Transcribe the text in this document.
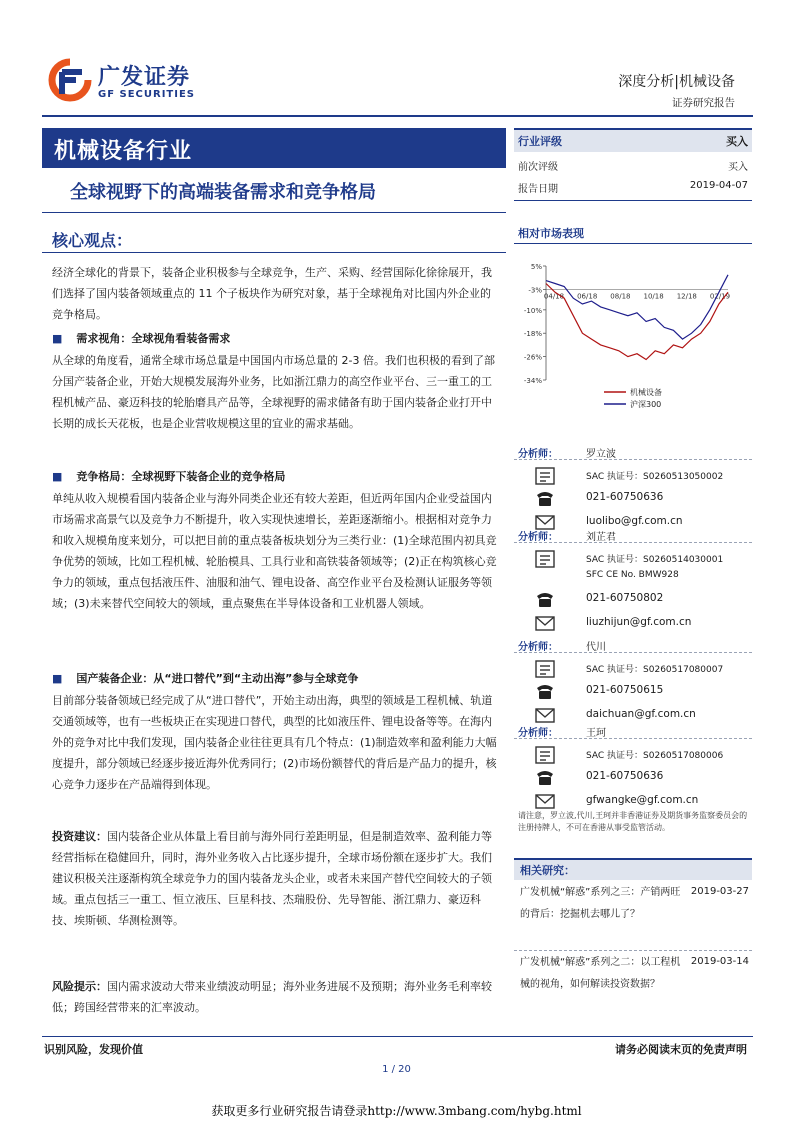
广发证券
GF SECURITIES
深度分析|机械设备
证券研究报告
机械设备行业
全球视野下的高端装备需求和竞争格局
行业评级	买入
前次评级	买入
报告日期	2019-04-07
核心观点：
经济全球化的背景下，装备企业积极参与全球竞争，生产、采购、经营国际化徐徐展开，我们选择了国内装备领域重点的 11 个子板块作为研究对象，基于全球视角对比国内外企业的竞争格局。
■ 需求视角：全球视角看装备需求
从全球的角度看，通常全球市场总量是中国国内市场总量的 2-3 倍。我们也积极的看到了部分国产装备企业，开始大规模发展海外业务，比如浙江鼎力的高空作业平台、三一重工的工程机械产品、豪迈科技的轮胎磨具产品等，全球视野的需求储备有助于国内装备企业打开中长期的成长天花板，也是企业营收规模这里的宜业的需求基础。
■ 竞争格局：全球视野下装备企业的竞争格局
单纯从收入规模看国内装备企业与海外同类企业还有较大差距，但近两年国内企业受益国内市场需求高景气以及竞争力不断提升，收入实现快速增长，差距逐渐缩小。根据相对竞争力和收入规模角度来划分，可以把目前的重点装备板块划分为三类行业：(1)全球范围内初具竞争优势的领域，比如工程机械、轮胎模具、工具行业和高铁装备领域等；(2)正在构筑核心竞争力的领域，重点包括液压件、油服和油气、锂电设备、高空作业平台及检测认证服务等领域；(3)未来替代空间较大的领域，重点聚焦在半导体设备和工业机器人领域。
■ 国产装备企业：从“进口替代”到“主动出海”参与全球竞争
目前部分装备领域已经完成了从“进口替代”，开始主动出海，典型的领域是工程机械、轨道交通领域等，也有一些板块正在实现进口替代，典型的比如液压件、锂电设备等等。在海内外的竞争对比中我们发现，国内装备企业往往更具有几个特点：(1)制造效率和盈利能力大幅度提升，部分领域已经逐步接近海外优秀同行；(2)市场份额替代的背后是产品力的提升，核心竞争力逐步在产品端得到体现。
投资建议：国内装备企业从体量上看目前与海外同行差距明显，但是制造效率、盈利能力等经营指标在稳健回升，同时，海外业务收入占比逐步提升，全球市场份额在逐步扩大。我们建议积极关注逐渐构筑全球竞争力的国内装备龙头企业，或者未来国产替代空间较大的子领域。重点包括三一重工、恒立液压、巨星科技、杰瑞股份、先导智能、浙江鼎力、豪迈科技、埃斯顿、华测检测等。
风险提示：国内需求波动大带来业绩波动明显；海外业务进展不及预期；海外业务毛利率较低；跨国经营带来的汇率波动。
相对市场表现
5%
-3%
-10%
-18%
-26%
-34%
04/18 06/18 08/18 10/18 12/18 02/19
机械设备
沪深300
分析师：	罗立波
SAC 执证号：S0260513050002
021-60750636
luolibo@gf.com.cn
分析师：	刘芷君
SAC 执证号：S0260514030001
SFC CE No. BMW928
021-60750802
liuzhijun@gf.com.cn
分析师：	代川
SAC 执证号：S0260517080007
021-60750615
daichuan@gf.com.cn
分析师：	王珂
SAC 执证号：S0260517080006
021-60750636
gfwangke@gf.com.cn
请注意，罗立波,代川,王珂并非香港证券及期货事务监察委员会的注册持牌人，不可在香港从事受监管活动。
相关研究：
广发机械“解惑”系列之三：产销两旺的背后：挖掘机去哪儿了？
2019-03-27
广发机械“解惑”系列之二：以工程机械的视角，如何解读投资数据？
2019-03-14
识别风险，发现价值	请务必阅读末页的免责声明
1 / 20
获取更多行业研究报告请登录http://www.3mbang.com/hybg.html
